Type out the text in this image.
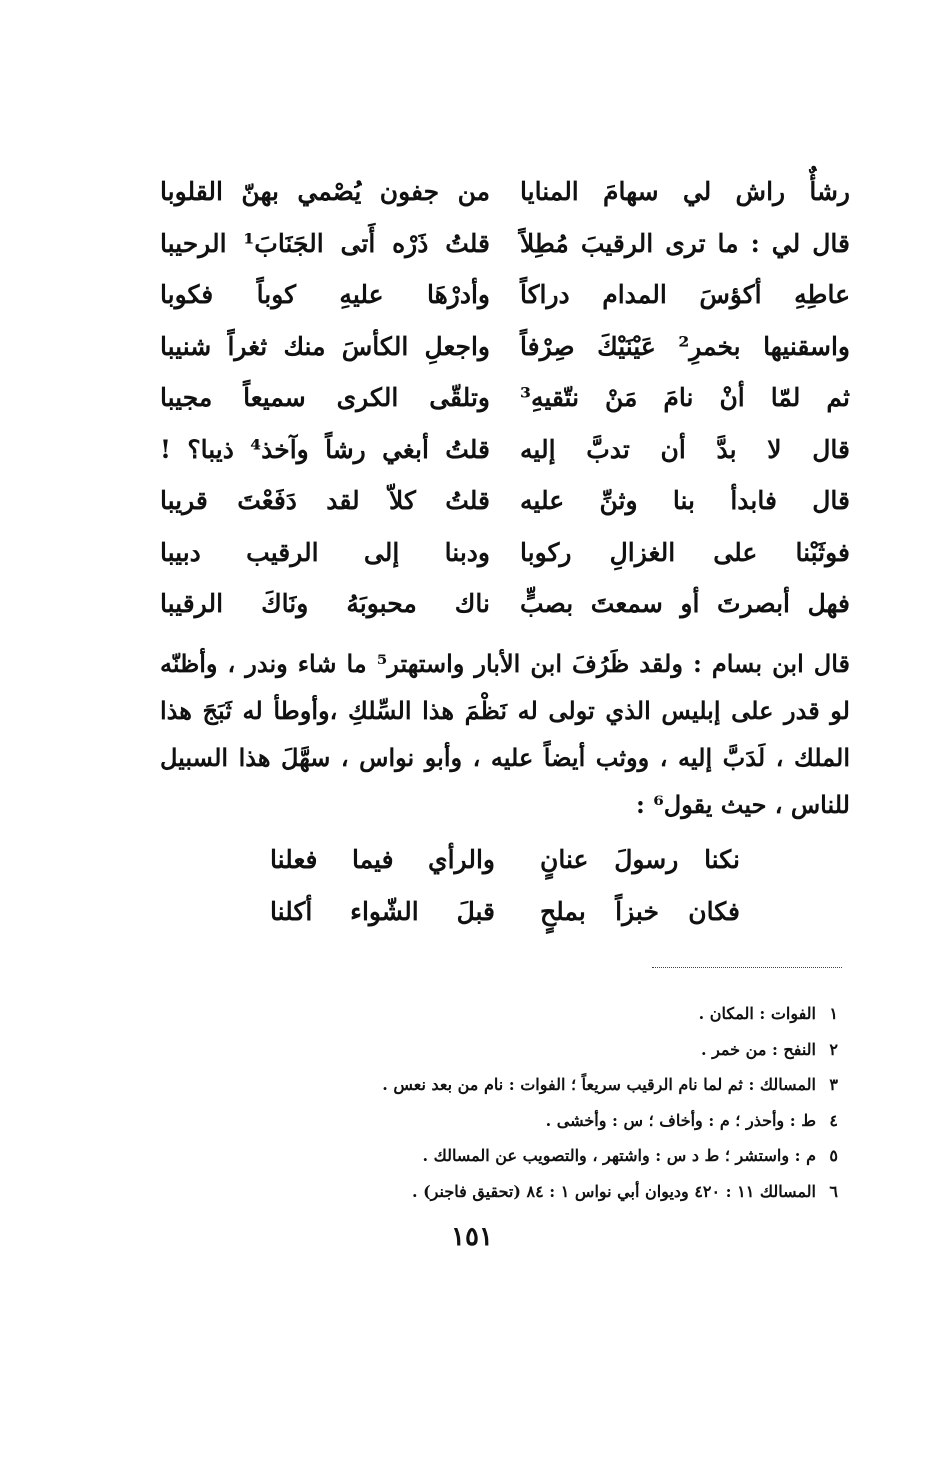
رشأٌ راش لي سهامَ المنايا
من جفون يُصْمي بهنّ القلوبا
قال لي : ما ترى الرقيبَ مُطِلاً
قلتُ ذَرْه أَتى الجَنَابَ¹ الرحيبا
عاطِهِ أكؤسَ المدام دراكاً
وأدرْهَا عليهِ كوباً فكوبا
واسقنيها بخمرِ² عَيْنَيْكَ صِرْفاً
واجعلِ الكأسَ منك ثغراً شنيبا
ثم لمّا أنْ نامَ مَنْ نتّقيهِ³
وتلقّى الكرى سميعاً مجيبا
قال لا بدَّ أن تدبَّ إليه
قلتُ أبغي رشاً وآخذ⁴ ذيبا؟ !
قال فابدأ بنا وثنِّ عليه
قلتُ كلاّ لقد دَفَعْتَ قريبا
فوثَبْنا على الغزالِ ركوبا
ودبنا إلى الرقيب دبيبا
فهل أبصرتَ أو سمعتَ بصبٍّ
ناك محبوبَهُ ونَاكَ الرقيبا
قال ابن بسام : ولقد ظَرُفَ ابن الأبار واستهتر⁵ ما شاء وندر ، وأظنّه
لو قدر على إبليس الذي تولى له نَظْمَ هذا السِّلكِ ،وأوطأ له ثَبَجَ هذا
الملك ، لَدَبَّ إليه ، ووثب أيضاً عليه ، وأبو نواس ، سهَّلَ هذا السبيل
للناس ، حيث يقول⁶ :
نكنا رسولَ عنانٍ
والرأي فيما فعلنا
فكان خبزاً بملحٍ
قبلَ الشّواء أكلنا
١الفوات : المكان .
٢النفح : من خمر .
٣المسالك : ثم لما نام الرقيب سريعاً ؛ الفوات : نام من بعد نعس .
٤ط : وأحذر ؛ م : وأخاف ؛ س : وأخشى .
٥م : واستشر ؛ ط د س : واشتهر ، والتصويب عن المسالك .
٦المسالك ١١ : ٤٢٠ وديوان أبي نواس ١ : ٨٤ (تحقيق فاجنر) .
١٥١
